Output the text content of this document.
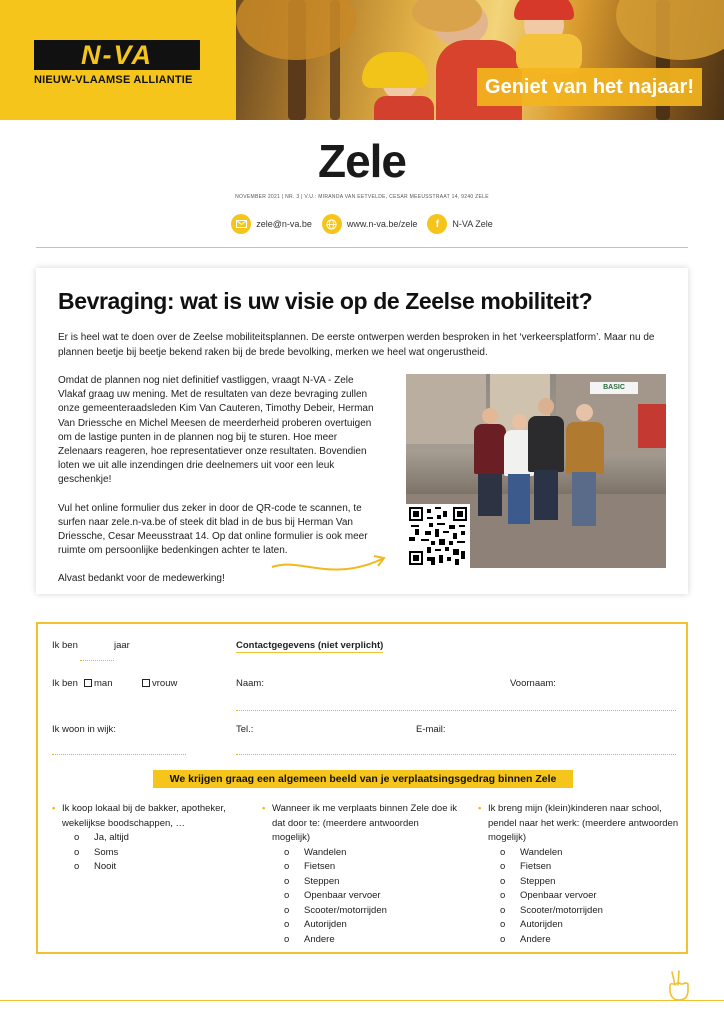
N-VA
NIEUW-VLAAMSE ALLIANTIE	Geniet van het najaar!
Zele
NOVEMBER 2021 | NR. 3 | V.U.: MIRANDA VAN EETVELDE, CESAR MEEUSSTRAAT 14, 9240 ZELE
zele@n-va.be	www.n-va.be/zele	f	N-VA Zele
Bevraging: wat is uw visie op de Zeelse mobiliteit?
Er is heel wat te doen over de Zeelse mobiliteitsplannen. De eerste ontwerpen werden besproken in het ‘verkeersplatform’. Maar nu de plannen beetje bij beetje bekend raken bij de brede bevolking, merken we heel wat ongerustheid.

Omdat de plannen nog niet definitief vastliggen, vraagt N-VA - Zele Vlakaf graag uw mening. Met de resultaten van deze bevraging zullen onze gemeenteraadsleden Kim Van Cauteren, Timothy Debeir, Herman Van Driessche en Michel Meesen de meerderheid proberen overtuigen om de lastige punten in de plannen nog bij te sturen. Hoe meer Zelenaars reageren, hoe representatiever onze resultaten. Bovendien loten we uit alle inzendingen drie deelnemers uit voor een leuk geschenkje!

Vul het online formulier dus zeker in door de QR-code te scannen, te surfen naar zele.n-va.be of steek dit blad in de bus bij Herman Van Driessche, Cesar Meeusstraat 14. Op dat online formulier is ook meer ruimte om persoonlijke bedenkingen achter te laten.

Alvast bedankt voor de medewerking!

BASIC
Ik ben	jaar
Ik ben	man	vrouw
Ik woon in wijk:
Contactgegevens (niet verplicht)
Naam:	Voornaam:
Tel.:	E-mail:
We krijgen graag een algemeen beeld van je verplaatsingsgedrag binnen Zele
• Ik koop lokaal bij de bakker, apotheker, wekelijkse boodschappen, …
o	Ja, altijd
o	Soms
o	Nooit
• Wanneer ik me verplaats binnen Zele doe ik dat door te: (meerdere antwoorden mogelijk)
o	Wandelen
o	Fietsen
o	Steppen
o	Openbaar vervoer
o	Scooter/motorrijden
o	Autorijden
o	Andere
• Ik breng mijn (klein)kinderen naar school, pendel naar het werk: (meerdere antwoorden mogelijk)
o	Wandelen
o	Fietsen
o	Steppen
o	Openbaar vervoer
o	Scooter/motorrijden
o	Autorijden
o	Andere
